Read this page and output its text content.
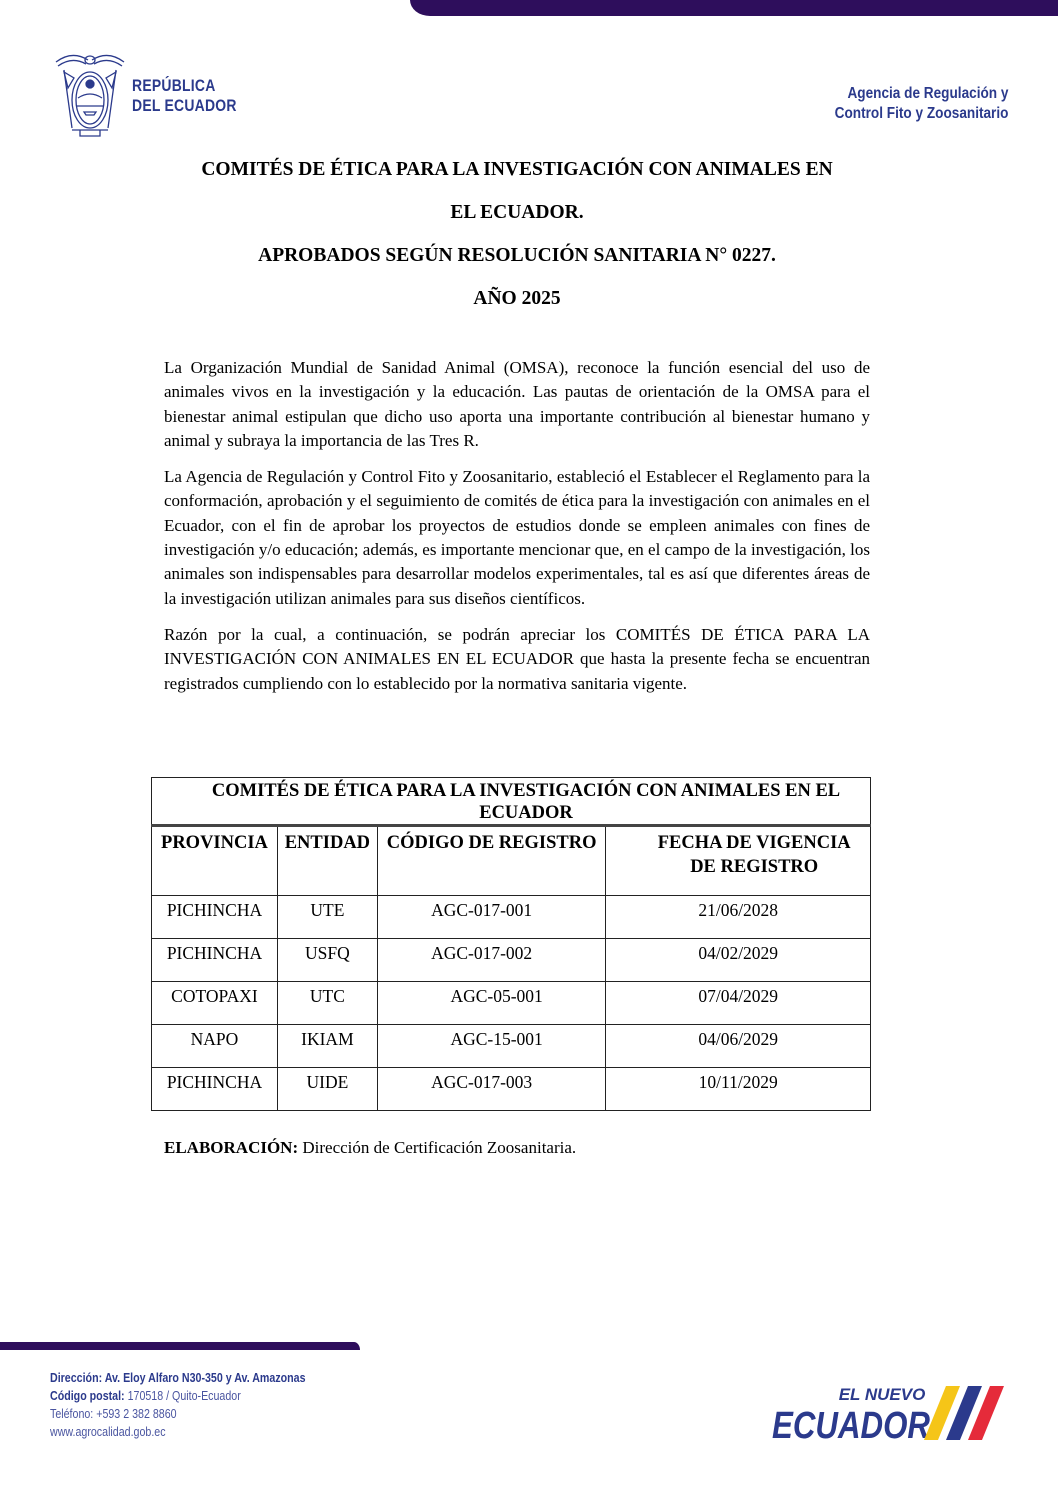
REPÚBLICA
DEL ECUADOR
Agencia de Regulación y
Control Fito y Zoosanitario
COMITÉS DE ÉTICA PARA LA INVESTIGACIÓN CON ANIMALES EN
EL ECUADOR.
APROBADOS SEGÚN RESOLUCIÓN SANITARIA N° 0227.
AÑO 2025

La Organización Mundial de Sanidad Animal (OMSA), reconoce la función esencial del uso de animales vivos en la investigación y la educación. Las pautas de orientación de la OMSA para el bienestar animal estipulan que dicho uso aporta una importante contribución al bienestar humano y animal y subraya la importancia de las Tres R.

La Agencia de Regulación y Control Fito y Zoosanitario, estableció el Establecer el Reglamento para la conformación, aprobación y el seguimiento de comités de ética para la investigación con animales en el Ecuador, con el fin de aprobar los proyectos de estudios donde se empleen animales con fines de investigación y/o educación; además, es importante mencionar que, en el campo de la investigación, los animales son indispensables para desarrollar modelos experimentales, tal es así que diferentes áreas de la investigación utilizan animales para sus diseños científicos.

Razón por la cual, a continuación, se podrán apreciar los COMITÉS DE ÉTICA PARA LA INVESTIGACIÓN CON ANIMALES EN EL ECUADOR que hasta la presente fecha se encuentran registrados cumpliendo con lo establecido por la normativa sanitaria vigente.

COMITÉS DE ÉTICA PARA LA INVESTIGACIÓN CON ANIMALES EN EL ECUADOR			
PROVINCIA	ENTIDAD	CÓDIGO DE REGISTRO	FECHA DE VIGENCIA DE REGISTRO
PICHINCHA	UTE	AGC-017-001	21/06/2028
PICHINCHA	USFQ	AGC-017-002	04/02/2029
COTOPAXI	UTC	AGC-05-001	07/04/2029
NAPO	IKIAM	AGC-15-001	04/06/2029
PICHINCHA	UIDE	AGC-017-003	10/11/2029
ELABORACIÓN: Dirección de Certificación Zoosanitaria.
Dirección: Av. Eloy Alfaro N30-350 y Av. Amazonas
Código postal: 170518 / Quito-Ecuador
Teléfono: +593 2 382 8860
www.agrocalidad.gob.ec
EL NUEVO
ECUADOR
